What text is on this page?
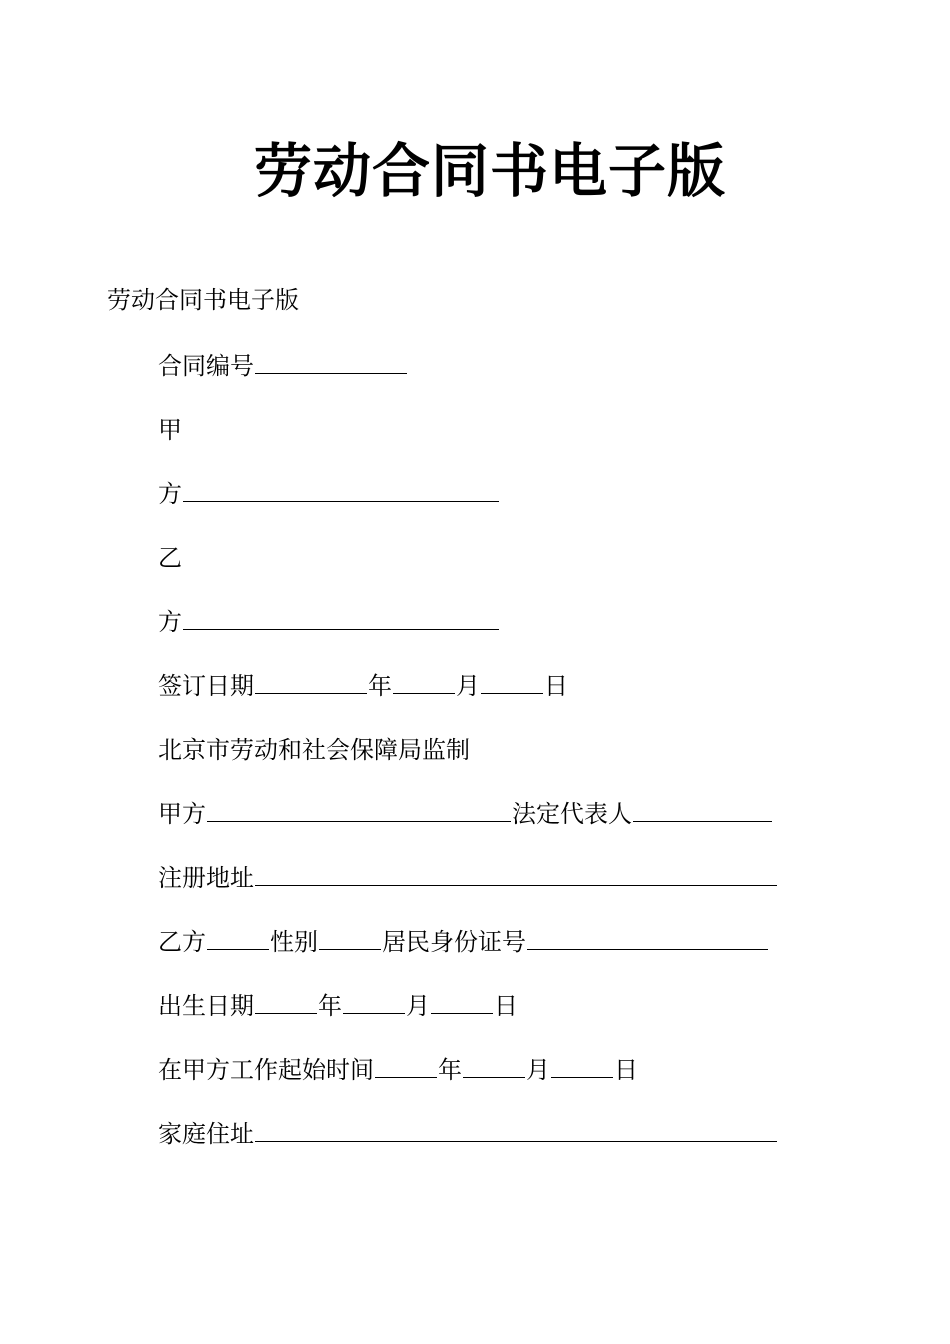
劳动合同书电子版

劳动合同书电子版

合同编号

甲

方

乙

方

签订日期	年	月	日

北京市劳动和社会保障局监制

甲方	法定代表人

注册地址

乙方	性别	居民身份证号

出生日期	年	月	日

在甲方工作起始时间	年	月	日

家庭住址
